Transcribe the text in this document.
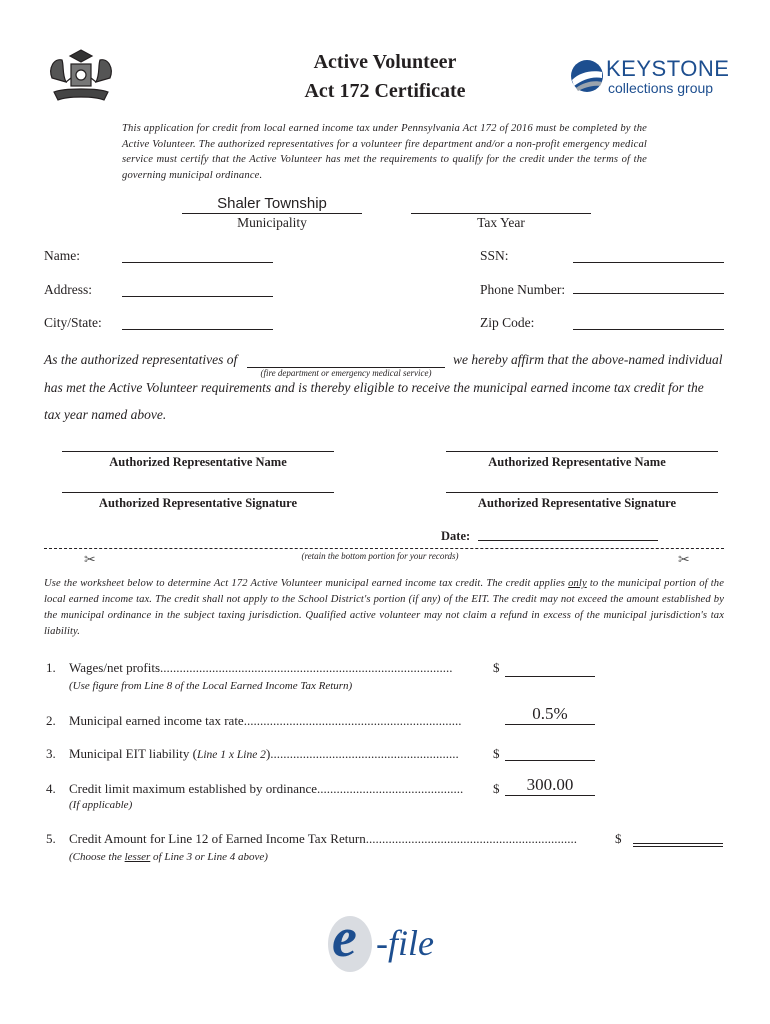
Active Volunteer
Act 172 Certificate
KEYSTONE
collections group
This application for credit from local earned income tax under Pennsylvania Act 172 of 2016 must be completed by the Active Volunteer. The authorized representatives for a volunteer fire department and/or a non-profit emergency medical service must certify that the Active Volunteer has met the requirements to qualify for the credit under the terms of the governing municipal ordinance.
Shaler Township
Municipality	Tax Year
Name:
Address:
City/State:
SSN:
Phone Number:
Zip Code:
As the authorized representatives of
(fire department or emergency medical service)
we hereby affirm that the above-named individual
has met the Active Volunteer requirements and is thereby eligible to receive the municipal earned income tax credit for the
tax year named above.
Authorized Representative Name	Authorized Representative Name
Authorized Representative Signature	Authorized Representative Signature
Date:
✂	✂
(retain the bottom portion for your records)
Use the worksheet below to determine Act 172 Active Volunteer municipal earned income tax credit. The credit applies only to the municipal portion of the local earned income tax. The credit shall not apply to the School District's portion (if any) of the EIT. The credit may not exceed the amount established by the municipal ordinance in the subject taxing jurisdiction. Qualified active volunteer may not claim a refund in excess of the municipal jurisdiction's tax liability.
1. Wages/net profits..........................................................................................	$
(Use figure from Line 8 of the Local Earned Income Tax Return)
2. Municipal earned income tax rate...................................................................	0.5%
3. Municipal EIT liability (Line 1 x Line 2)..........................................................	$
4. Credit limit maximum established by ordinance.............................................	$	300.00
(If applicable)
5. Credit Amount for Line 12 of Earned Income Tax Return.................................................................	$
(Choose the lesser of Line 3 or Line 4 above)
e -file
